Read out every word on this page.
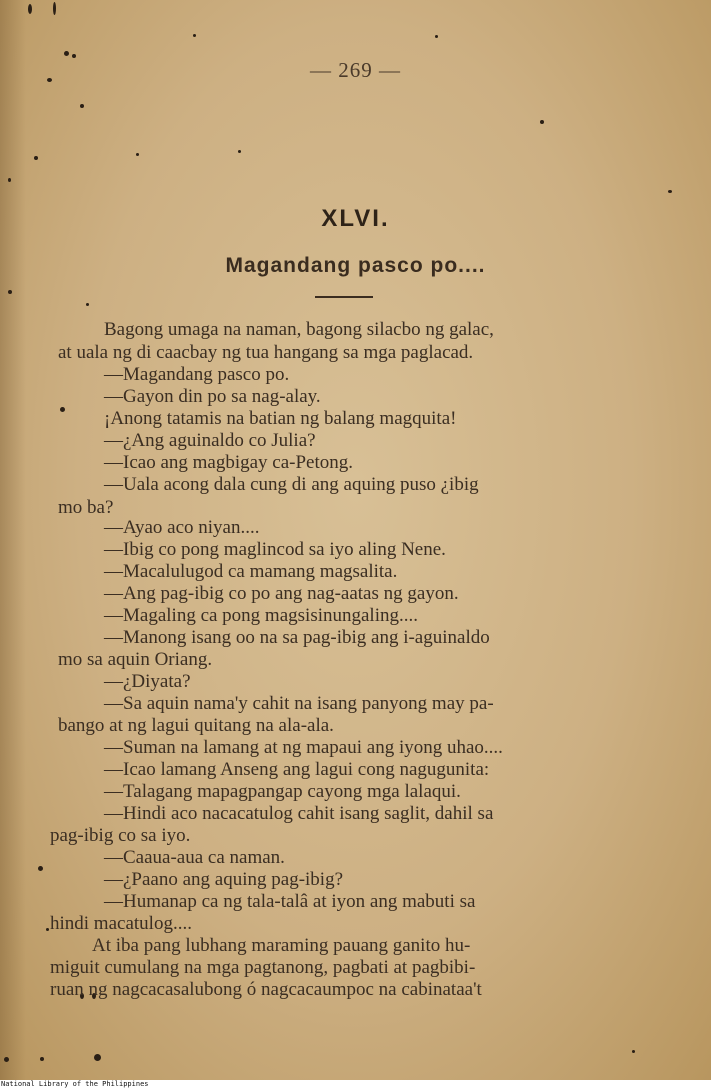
— 269 —
XLVI.
Magandang pasco po....
Bagong umaga na naman, bagong silacbo ng galac,
at uala ng di caacbay ng tua hangang sa mga paglacad.
—Magandang pasco po.
—Gayon din po sa nag-alay.
¡Anong tatamis na batian ng balang magquita!
—¿Ang aguinaldo co Julia?
—Icao ang magbigay ca-Petong.
—Uala acong dala cung di ang aquing puso ¿ibig
mo ba?
—Ayao aco niyan....
—Ibig co pong maglincod sa iyo aling Nene.
—Macalulugod ca mamang magsalita.
—Ang pag-ibig co po ang nag-aatas ng gayon.
—Magaling ca pong magsisinungaling....
—Manong isang oo na sa pag-ibig ang i-aguinaldo
mo sa aquin Oriang.
—¿Diyata?
—Sa aquin nama'y cahit na isang panyong may pa-
bango at ng lagui quitang na ala-ala.
—Suman na lamang at ng mapaui ang iyong uhao....
—Icao lamang Anseng ang lagui cong nagugunita:
—Talagang mapagpangap cayong mga lalaqui.
—Hindi aco nacacatulog cahit isang saglit, dahil sa
pag-ibig co sa iyo.
—Caaua-aua ca naman.
—¿Paano ang aquing pag-ibig?
—Humanap ca ng tala-talâ at iyon ang mabuti sa
hindi macatulog....
At iba pang lubhang maraming pauang ganito hu-
miguit cumulang na mga pagtanong, pagbati at pagbibi-
ruan ng nagcacasalubong ó nagcacaumpoc na cabinataa't
National Library of the Philippines
